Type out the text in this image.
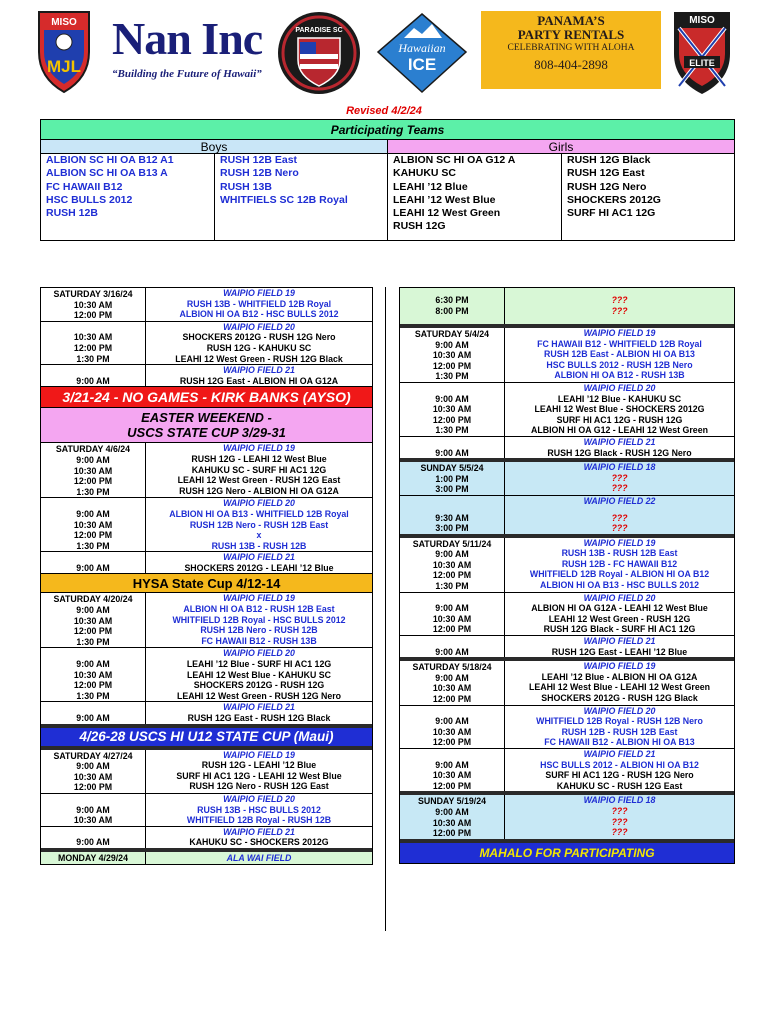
MISO
MJL
Nan Inc
“Building the Future of Hawaii”
PARADISE SC
Hawaiian
ICE
PANAMA’S
PARTY RENTALS
CELEBRATING WITH ALOHA
808-404-2898
MISO
ELITE
Revised 4/2/24
Participating Teams
Boys	Girls
ALBION SC HI OA B12 A1
ALBION SC HI OA B13 A
FC HAWAII B12
HSC BULLS 2012
RUSH 12B
RUSH 12B East
RUSH 12B Nero
RUSH 13B
WHITFIELS SC 12B Royal
ALBION SC HI OA G12 A
KAHUKU SC
LEAHI ’12 Blue
LEAHI ’12 West Blue
LEAHI 12 West Green
RUSH 12G
RUSH 12G Black
RUSH 12G East
RUSH 12G Nero
SHOCKERS 2012G
SURF HI AC1 12G
SATURDAY 3/16/24
10:30 AM
12:00 PM
WAIPIO FIELD 19
RUSH 13B - WHITFIELD 12B Royal
ALBION HI OA B12 - HSC BULLS 2012
10:30 AM
12:00 PM
1:30 PM
WAIPIO FIELD 20
SHOCKERS 2012G - RUSH 12G Nero
RUSH 12G - KAHUKU SC
LEAHI 12 West Green - RUSH 12G Black
9:00 AM
WAIPIO FIELD 21
RUSH 12G East - ALBION HI OA G12A
3/21-24 - NO GAMES - KIRK BANKS (AYSO)
EASTER WEEKEND -
USCS STATE CUP 3/29-31
SATURDAY 4/6/24
9:00 AM
10:30 AM
12:00 PM
1:30 PM
WAIPIO FIELD 19
RUSH 12G - LEAHI 12 West Blue
KAHUKU SC - SURF HI AC1 12G
LEAHI 12 West Green - RUSH 12G East
RUSH 12G Nero - ALBION HI OA G12A
9:00 AM
10:30 AM
12:00 PM
1:30 PM
WAIPIO FIELD 20
ALBION HI OA B13 - WHITFIELD 12B Royal
RUSH 12B Nero - RUSH 12B East
x
RUSH 13B - RUSH 12B
9:00 AM
WAIPIO FIELD 21
SHOCKERS 2012G - LEAHI ’12 Blue
HYSA State Cup 4/12-14
SATURDAY 4/20/24
9:00 AM
10:30 AM
12:00 PM
1:30 PM
WAIPIO FIELD 19
ALBION HI OA B12 - RUSH 12B East
WHITFIELD 12B Royal - HSC BULLS 2012
RUSH 12B Nero - RUSH 12B
FC HAWAII B12 - RUSH 13B
9:00 AM
10:30 AM
12:00 PM
1:30 PM
WAIPIO FIELD 20
LEAHI ’12 Blue - SURF HI AC1 12G
LEAHI 12 West Blue - KAHUKU SC
SHOCKERS 2012G - RUSH 12G
LEAHI 12 West Green - RUSH 12G Nero
9:00 AM
WAIPIO FIELD 21
RUSH 12G East - RUSH 12G Black
4/26-28 USCS HI U12 STATE CUP (Maui)
SATURDAY 4/27/24
9:00 AM
10:30 AM
12:00 PM
WAIPIO FIELD 19
RUSH 12G - LEAHI ’12 Blue
SURF HI AC1 12G - LEAHI 12 West Blue
RUSH 12G Nero - RUSH 12G East
9:00 AM
10:30 AM
WAIPIO FIELD 20
RUSH 13B - HSC BULLS 2012
WHITFIELD 12B Royal - RUSH 12B
9:00 AM
WAIPIO FIELD 21
KAHUKU SC - SHOCKERS 2012G
MONDAY 4/29/24	ALA WAI FIELD
6:30 PM
8:00 PM
???
???
SATURDAY 5/4/24
9:00 AM
10:30 AM
12:00 PM
1:30 PM
WAIPIO FIELD 19
FC HAWAII B12 - WHITFIELD 12B Royal
RUSH 12B East - ALBION HI OA B13
HSC BULLS 2012 - RUSH 12B Nero
ALBION HI OA B12 - RUSH 13B
9:00 AM
10:30 AM
12:00 PM
1:30 PM
WAIPIO FIELD 20
LEAHI ’12 Blue - KAHUKU SC
LEAHI 12 West Blue - SHOCKERS 2012G
SURF HI AC1 12G - RUSH 12G
ALBION HI OA G12 - LEAHI 12 West Green
9:00 AM
WAIPIO FIELD 21
RUSH 12G Black - RUSH 12G Nero
SUNDAY 5/5/24
1:00 PM
3:00 PM
WAIPIO FIELD 18
???
???
9:30 AM
3:00 PM
WAIPIO FIELD 22
???
???
SATURDAY 5/11/24
9:00 AM
10:30 AM
12:00 PM
1:30 PM
WAIPIO FIELD 19
RUSH 13B - RUSH 12B East
RUSH 12B - FC HAWAII B12
WHITFIELD 12B Royal - ALBION HI OA B12
ALBION HI OA B13 - HSC BULLS 2012
9:00 AM
10:30 AM
12:00 PM
WAIPIO FIELD 20
ALBION HI OA G12A - LEAHI 12 West Blue
LEAHI 12 West Green - RUSH 12G
RUSH 12G Black - SURF HI AC1 12G
9:00 AM
WAIPIO FIELD 21
RUSH 12G East - LEAHI ’12 Blue
SATURDAY 5/18/24
9:00 AM
10:30 AM
12:00 PM
WAIPIO FIELD 19
LEAHI ’12 Blue - ALBION HI OA G12A
LEAHI 12 West Blue - LEAHI 12 West Green
SHOCKERS 2012G - RUSH 12G Black
9:00 AM
10:30 AM
12:00 PM
WAIPIO FIELD 20
WHITFIELD 12B Royal - RUSH 12B Nero
RUSH 12B - RUSH 12B East
FC HAWAII B12 - ALBION HI OA B13
9:00 AM
10:30 AM
12:00 PM
WAIPIO FIELD 21
HSC BULLS 2012 - ALBION HI OA B12
SURF HI AC1 12G - RUSH 12G Nero
KAHUKU SC - RUSH 12G East
SUNDAY 5/19/24
9:00 AM
10:30 AM
12:00 PM
WAIPIO FIELD 18
???
???
???
MAHALO FOR PARTICIPATING
